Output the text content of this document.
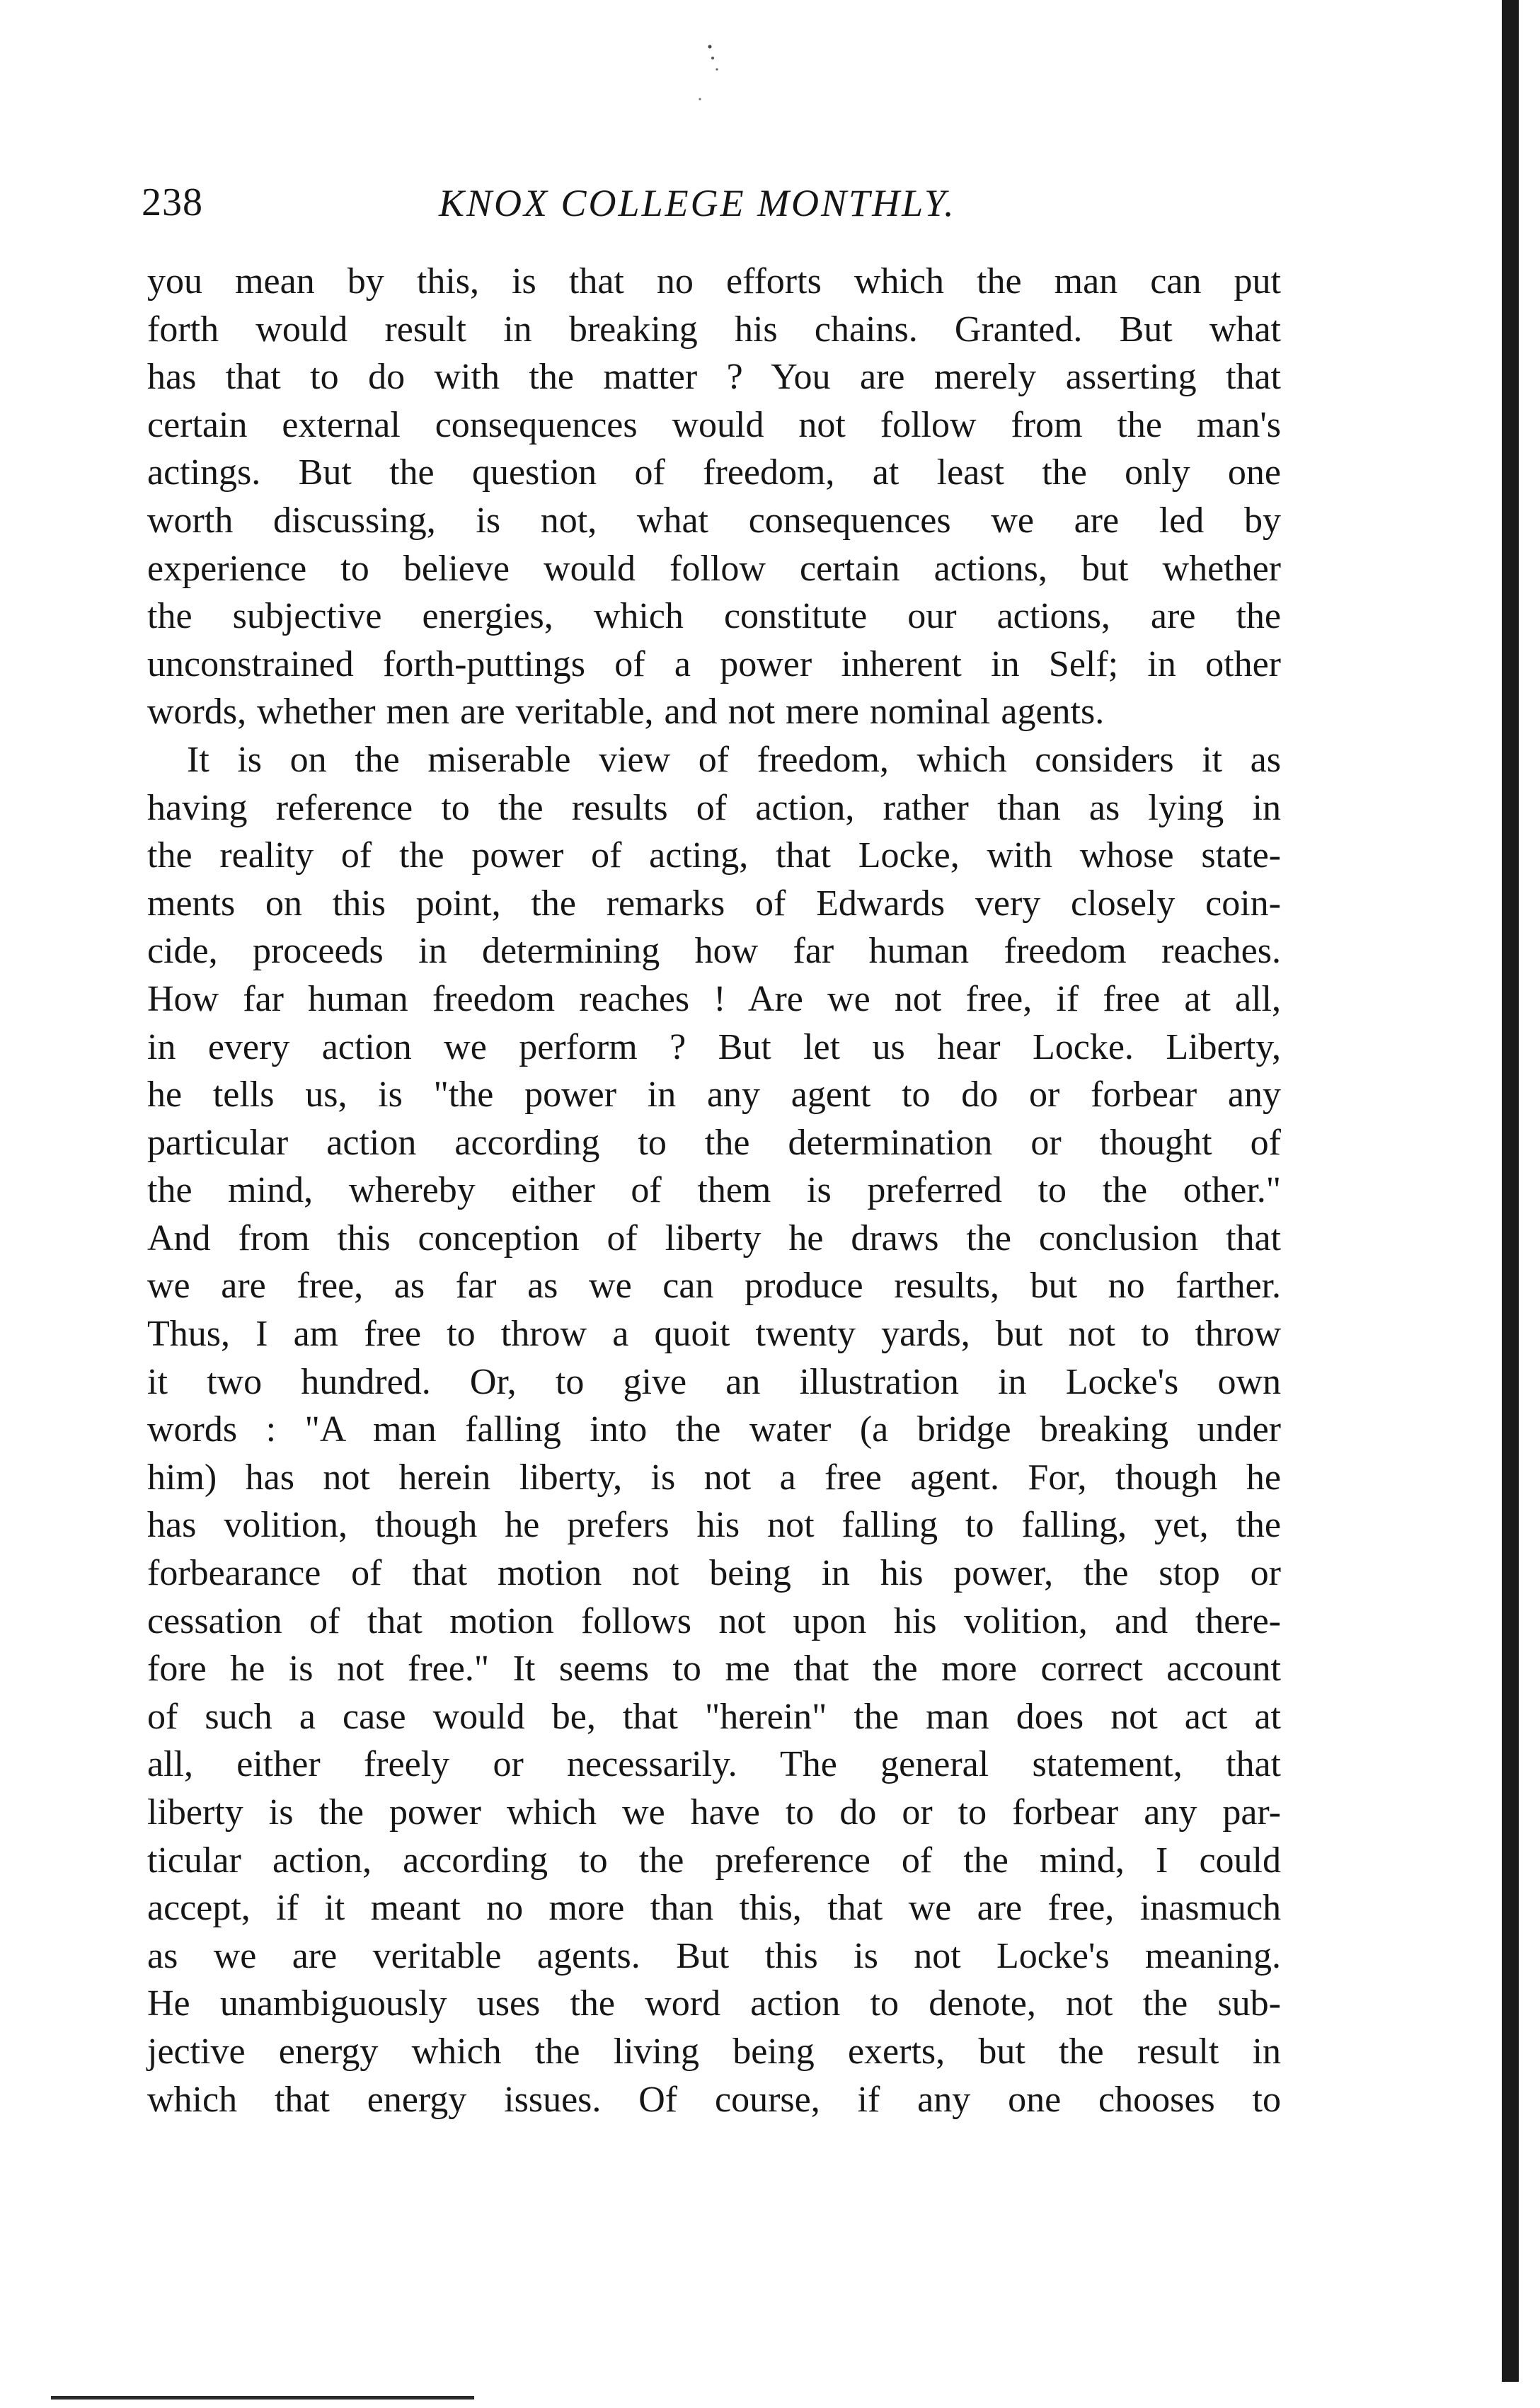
238	KNOX COLLEGE MONTHLY.
you mean by this, is that no efforts which the man can put
forth would result in breaking his chains. Granted. But what
has that to do with the matter ? You are merely asserting that
certain external consequences would not follow from the man's
actings. But the question of freedom, at least the only one
worth discussing, is not, what consequences we are led by
experience to believe would follow certain actions, but whether
the subjective energies, which constitute our actions, are the
unconstrained forth-puttings of a power inherent in Self; in other
words, whether men are veritable, and not mere nominal agents.
It is on the miserable view of freedom, which considers it as
having reference to the results of action, rather than as lying in
the reality of the power of acting, that Locke, with whose state-
ments on this point, the remarks of Edwards very closely coin-
cide, proceeds in determining how far human freedom reaches.
How far human freedom reaches ! Are we not free, if free at all,
in every action we perform ? But let us hear Locke. Liberty,
he tells us, is "the power in any agent to do or forbear any
particular action according to the determination or thought of
the mind, whereby either of them is preferred to the other."
And from this conception of liberty he draws the conclusion that
we are free, as far as we can produce results, but no farther.
Thus, I am free to throw a quoit twenty yards, but not to throw
it two hundred. Or, to give an illustration in Locke's own
words : "A man falling into the water (a bridge breaking under
him) has not herein liberty, is not a free agent. For, though he
has volition, though he prefers his not falling to falling, yet, the
forbearance of that motion not being in his power, the stop or
cessation of that motion follows not upon his volition, and there-
fore he is not free." It seems to me that the more correct account
of such a case would be, that "herein" the man does not act at
all, either freely or necessarily. The general statement, that
liberty is the power which we have to do or to forbear any par-
ticular action, according to the preference of the mind, I could
accept, if it meant no more than this, that we are free, inasmuch
as we are veritable agents. But this is not Locke's meaning.
He unambiguously uses the word action to denote, not the sub-
jective energy which the living being exerts, but the result in
which that energy issues. Of course, if any one chooses to
